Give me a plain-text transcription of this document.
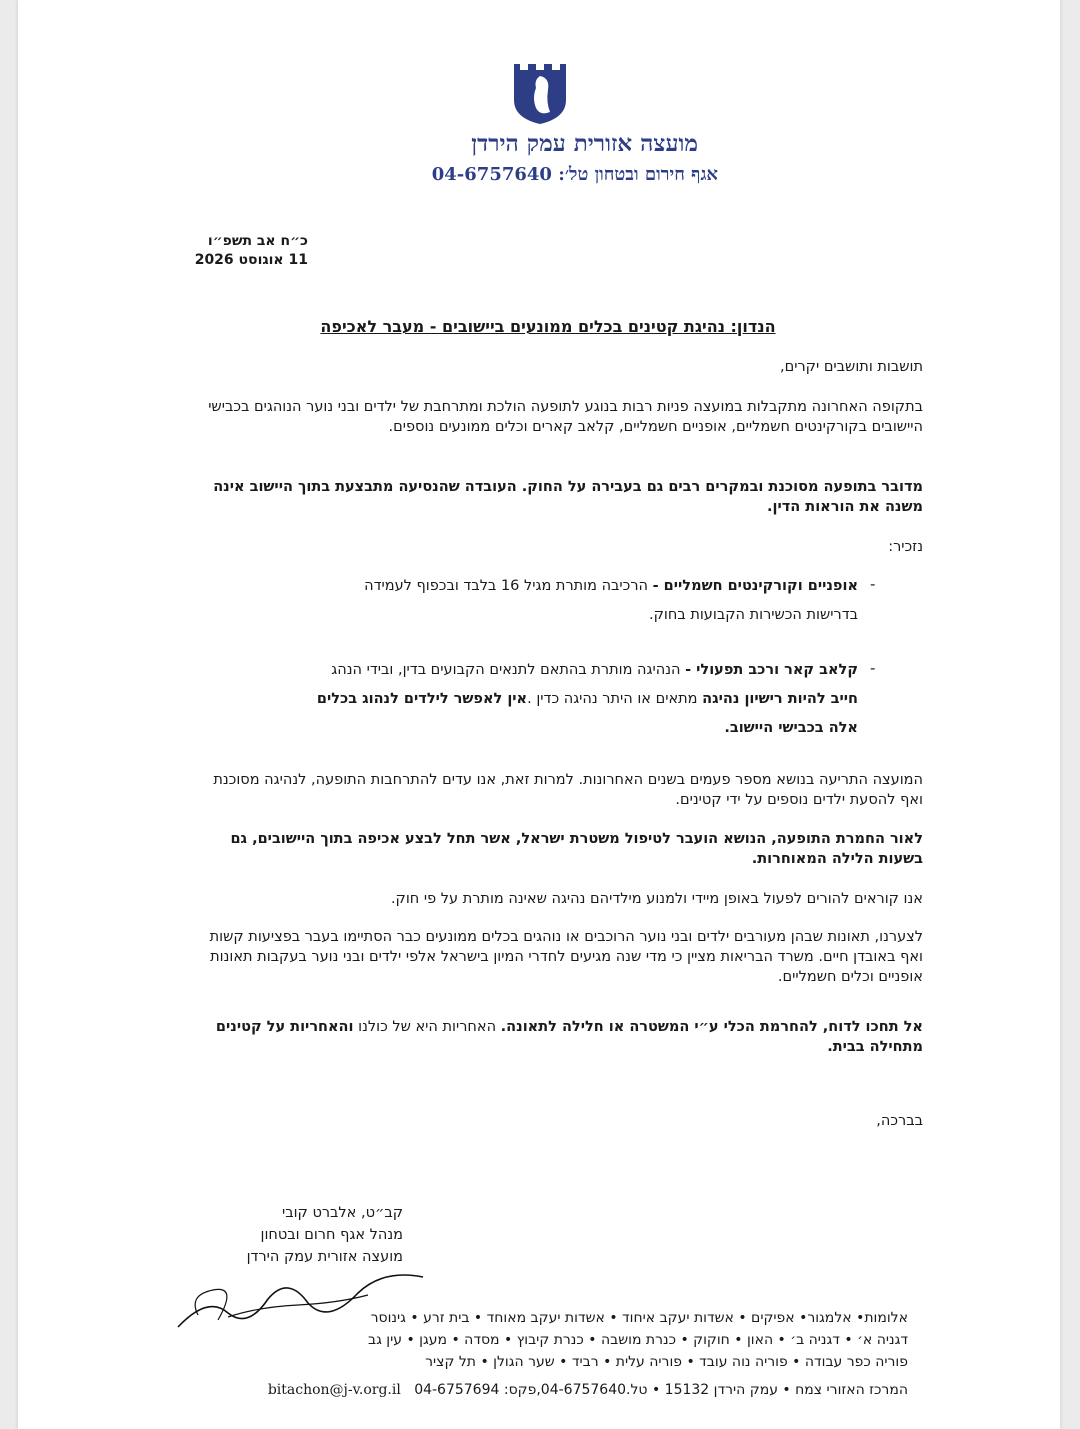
מועצה אזורית עמק הירדן
אגף חירום ובטחון טל׳: 04-6757640
כ״ח אב תשפ״ו
11 אוגוסט 2026
הנדון: נהיגת קטינים בכלים ממונעים ביישובים - מעבר לאכיפה
תושבות ותושבים יקרים,
בתקופה האחרונה מתקבלות במועצה פניות רבות בנוגע לתופעה הולכת ומתרחבת של ילדים ובני נוער הנוהגים בכבישי היישובים בקורקינטים חשמליים, אופניים חשמליים, קלאב קארים וכלים ממונעים נוספים.
מדובר בתופעה מסוכנת ובמקרים רבים גם בעבירה על החוק. העובדה שהנסיעה מתבצעת בתוך היישוב אינה משנה את הוראות הדין.
נזכיר:
-
אופניים וקורקינטים חשמליים - הרכיבה מותרת מגיל 16 בלבד ובכפוף לעמידה
בדרישות הכשירות הקבועות בחוק.
-
קלאב קאר ורכב תפעולי - הנהיגה מותרת בהתאם לתנאים הקבועים בדין, ובידי הנהג
חייב להיות רישיון נהיגה מתאים או היתר נהיגה כדין .אין לאפשר לילדים לנהוג בכלים
אלה בכבישי היישוב.
המועצה התריעה בנושא מספר פעמים בשנים האחרונות. למרות זאת, אנו עדים להתרחבות התופעה, לנהיגה מסוכנת ואף להסעת ילדים נוספים על ידי קטינים.
לאור החמרת התופעה, הנושא הועבר לטיפול משטרת ישראל, אשר תחל לבצע אכיפה בתוך היישובים, גם בשעות הלילה המאוחרות.
אנו קוראים להורים לפעול באופן מיידי ולמנוע מילדיהם נהיגה שאינה מותרת על פי חוק.
לצערנו, תאונות שבהן מעורבים ילדים ובני נוער הרוכבים או נוהגים בכלים ממונעים כבר הסתיימו בעבר בפציעות קשות ואף באובדן חיים. משרד הבריאות מציין כי מדי שנה מגיעים לחדרי המיון בישראל אלפי ילדים ובני נוער בעקבות תאונות אופניים וכלים חשמליים.
אל תחכו לדוח, להחרמת הכלי ע״י המשטרה או חלילה לתאונה. האחריות היא של כולנו והאחריות על קטינים מתחילה בבית.
בברכה,
קב״ט, אלברט קובי
מנהל אגף חרום ובטחון
מועצה אזורית עמק הירדן
אלומות• אלמגור• אפיקים • אשדות יעקב איחוד • אשדות יעקב מאוחד • בית זרע • גינוסר
דגניה א׳ • דגניה ב׳ • האון • חוקוק • כנרת מושבה • כנרת קיבוץ • מסדה • מעגן • עין גב
פוריה כפר עבודה • פוריה נוה עובד • פוריה עלית • רביד • שער הגולן • תל קציר
המרכז האזורי צמח • עמק הירדן 15132 • טל.04-6757640,פקס: 04-6757694   bitachon@j-v.org.il
